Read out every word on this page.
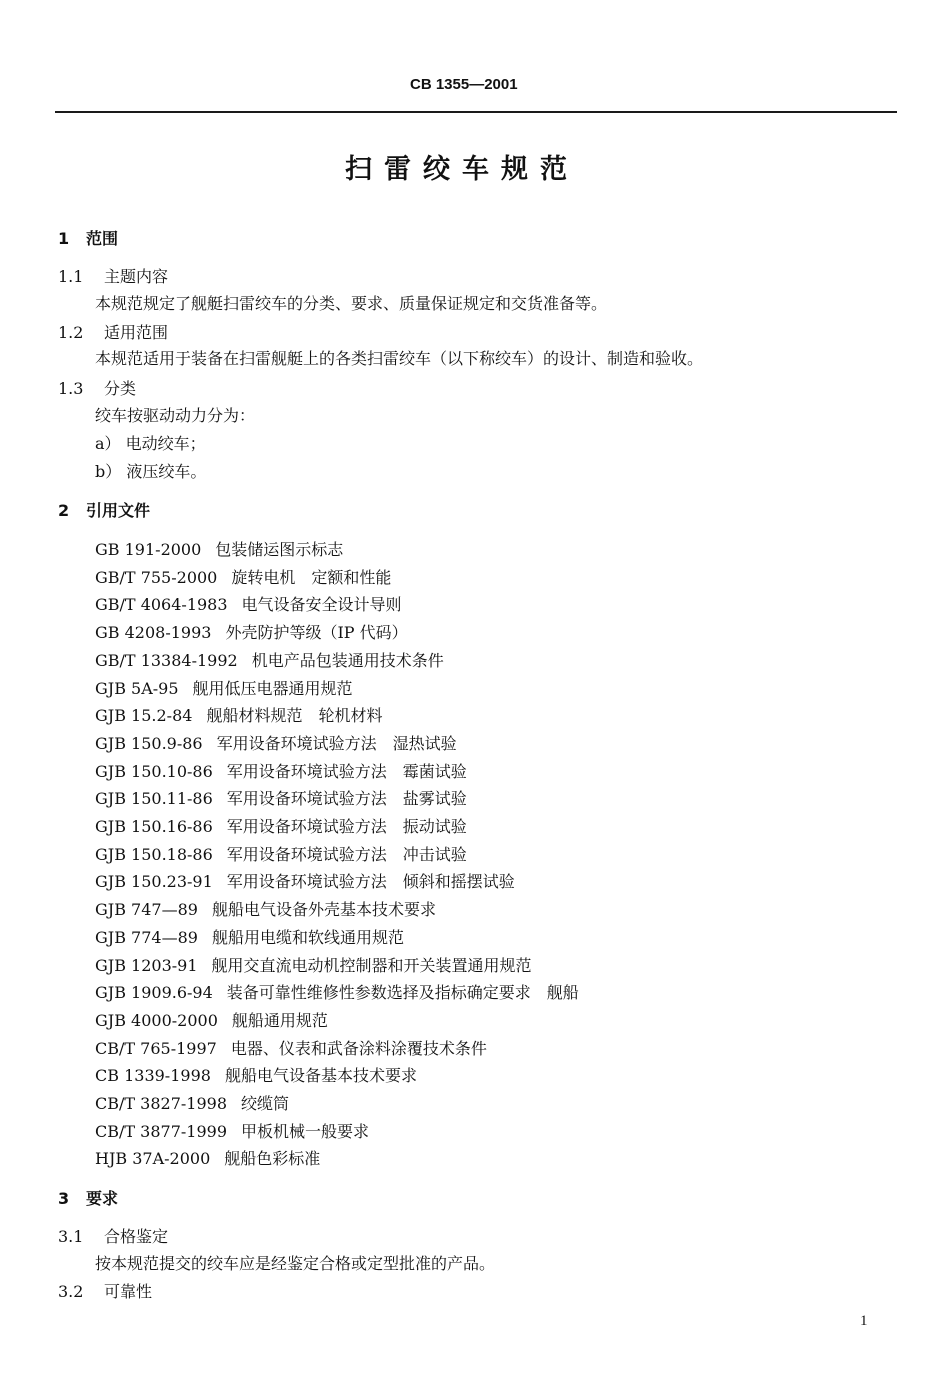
CB 1355—2001
扫雷绞车规范
1 范围
1.1 主题内容
本规范规定了舰艇扫雷绞车的分类、要求、质量保证规定和交货准备等。
1.2 适用范围
本规范适用于装备在扫雷舰艇上的各类扫雷绞车（以下称绞车）的设计、制造和验收。
1.3 分类
绞车按驱动动力分为：
a） 电动绞车；
b） 液压绞车。
2 引用文件
GB 191-2000 包装储运图示标志
GB/T 755-2000 旋转电机　定额和性能
GB/T 4064-1983 电气设备安全设计导则
GB 4208-1993 外壳防护等级（IP 代码）
GB/T 13384-1992 机电产品包装通用技术条件
GJB 5A-95 舰用低压电器通用规范
GJB 15.2-84 舰船材料规范　轮机材料
GJB 150.9-86 军用设备环境试验方法　湿热试验
GJB 150.10-86 军用设备环境试验方法　霉菌试验
GJB 150.11-86 军用设备环境试验方法　盐雾试验
GJB 150.16-86 军用设备环境试验方法　振动试验
GJB 150.18-86 军用设备环境试验方法　冲击试验
GJB 150.23-91 军用设备环境试验方法　倾斜和摇摆试验
GJB 747—89 舰船电气设备外壳基本技术要求
GJB 774—89 舰船用电缆和软线通用规范
GJB 1203-91 舰用交直流电动机控制器和开关装置通用规范
GJB 1909.6-94 装备可靠性维修性参数选择及指标确定要求　舰船
GJB 4000-2000 舰船通用规范
CB/T 765-1997 电器、仪表和武备涂料涂覆技术条件
CB 1339-1998 舰船电气设备基本技术要求
CB/T 3827-1998 绞缆筒
CB/T 3877-1999 甲板机械一般要求
HJB 37A-2000 舰船色彩标准
3 要求
3.1 合格鉴定
按本规范提交的绞车应是经鉴定合格或定型批准的产品。
3.2 可靠性
1
